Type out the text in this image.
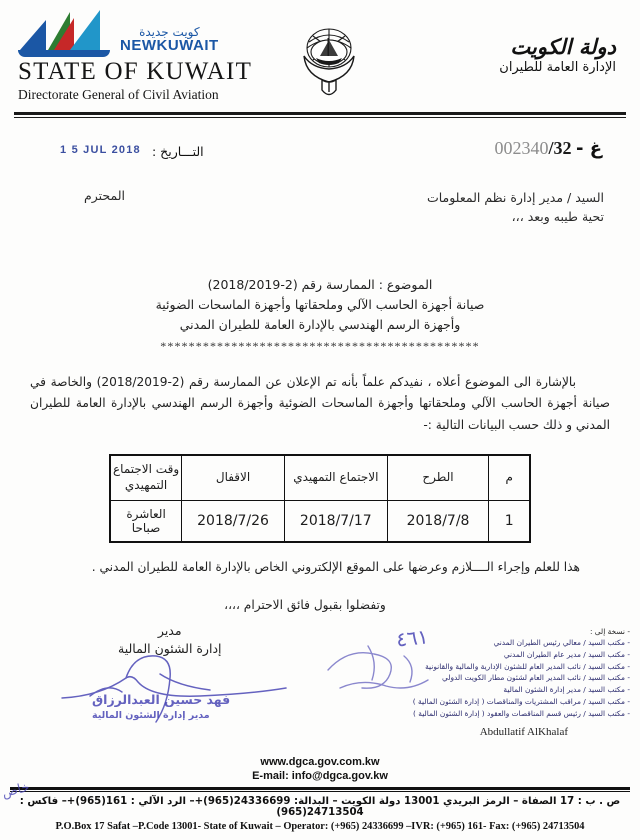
كويت جديدة
NEWKUWAIT
STATE OF KUWAIT
Directorate General of Civil Aviation
دولة الكويت
الإدارة العامة للطيران
التـــاريخ :
1 5 JUL 2018	002340/32 - غ
المحترم	السيد / مدير إدارة نظم المعلومات
تحية طيبه وبعد ،،،
الموضوع : الممارسة رقم (2-2018/2019)
صيانة أجهزة الحاسب الآلي وملحقاتها وأجهزة الماسحات الضوئية
وأجهزة الرسم الهندسي بالإدارة العامة للطيران المدني
*********************************************
بالإشارة الى الموضوع أعلاه ، نفيدكم علماً بأنه تم الإعلان عن الممارسة رقم (2-2018/2019) والخاصة في صيانة أجهزة الحاسب الآلي وملحقاتها وأجهزة الماسحات الضوئية وأجهزة الرسم الهندسي بالإدارة العامة للطيران المدني و ذلك حسب البيانات التالية :-
م	الطرح	الاجتماع التمهيدي	الاقفال	وقت الاجتماع التمهيدي
1	2018/7/8	2018/7/17	2018/7/26	العاشرة صباحا
هذا للعلم وإجراء الــــلازم وعرضها على الموقع الإلكتروني الخاص بالإدارة العامة للطيران المدني .
وتفضلوا بقبول فائق الاحترام ،،،،
مدير
إدارة الشئون المالية
فهد حسين العبدالرزاق
مدير إدارة الشئون المالية
٤٦١	- نسخة إلى :
- مكتب السيد / معالي رئيس الطيران المدني
- مكتب السيد / مدير عام الطيران المدني
- مكتب السيد / نائب المدير العام للشئون الإدارية والمالية والقانونية
- مكتب السيد / نائب المدير العام لشئون مطار الكويت الدولي
- مكتب السيد / مدير إدارة الشئون المالية
- مكتب السيد / مراقب المشتريات والمناقصات ( إدارة الشئون المالية )
- مكتب السيد / رئيس قسم المناقصات والعقود ( إدارة الشئون المالية )
Abdullatif AlKhalaf
www.dgca.gov.com.kw
E-mail: info@dgca.gov.kw
ص . ب : 17 الصفاة – الرمز البريدي 13001 دولة الكويت – البدالة: 24336699(965)+– الرد الآلي : 161(965)+– فاكس : 24713504(965)
P.O.Box 17 Safat –P.Code 13001- State of Kuwait – Operator: (+965) 24336699 –IVR: (+965) 161- Fax: (+965) 24713504
خاص
